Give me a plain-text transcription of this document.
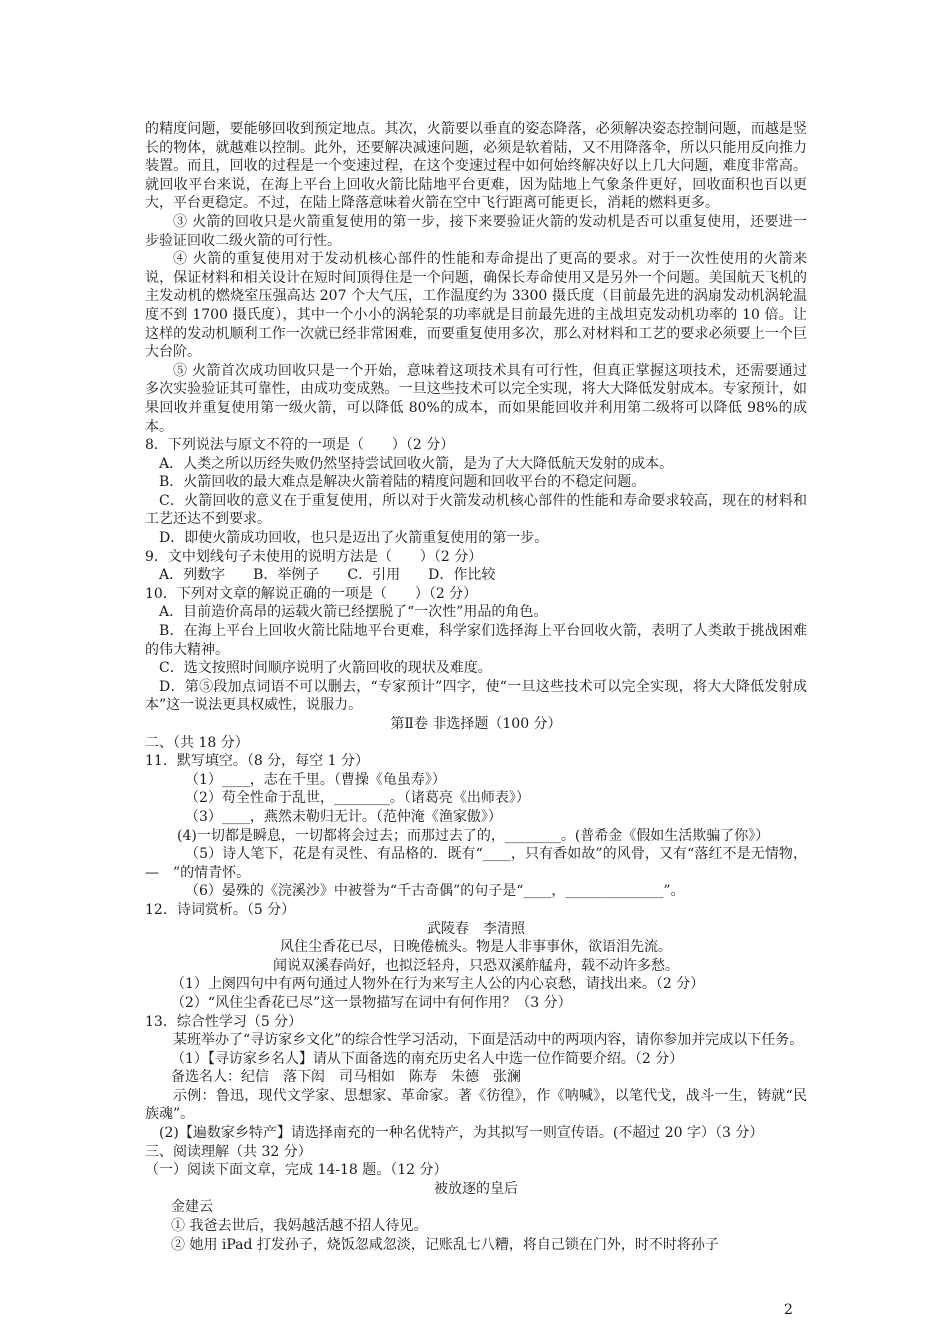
的精度问题，要能够回收到预定地点。其次，火箭要以垂直的姿态降落，必须解决姿态控制问题，而越是竖长的物体，就越难以控制。此外，还要解决减速问题，必须是软着陆，又不用降落伞，所以只能用反向推力装置。而且，回收的过程是一个变速过程，在这个变速过程中如何始终解决好以上几大问题，难度非常高。就回收平台来说，在海上平台上回收火箭比陆地平台更难，因为陆地上气象条件更好，回收面积也百以更大，平台更稳定。不过，在陆上降落意味着火箭在空中飞行距离可能更长，消耗的燃料更多。

③ 火箭的回收只是火箭重复使用的第一步，接下来要验证火箭的发动机是否可以重复使用，还要进一步验证回收二级火箭的可行性。

④ 火箭的重复使用对于发动机核心部件的性能和寿命提出了更高的要求。对于一次性使用的火箭来说，保证材料和相关设计在短时间顶得住是一个问题，确保长寿命使用又是另外一个问题。美国航天飞机的主发动机的燃烧室压强高达 207 个大气压，工作温度约为 3300 摄氏度（目前最先进的涡扇发动机涡轮温度不到 1700 摄氏度），其中一个小小的涡轮泵的功率就是目前最先进的主战坦克发动机功率的 10 倍。让这样的发动机顺利工作一次就已经非常困难，而要重复使用多次，那么对材料和工艺的要求必须要上一个巨大台阶。

⑤ 火箭首次成功回收只是一个开始，意味着这项技术具有可行性，但真正掌握这项技术，还需要通过多次实验验证其可靠性，由成功变成熟。一旦这些技术可以完全实现，将大大降低发射成本。专家预计，如果回收并重复使用第一级火箭，可以降低 80%的成本，而如果能回收并利用第二级将可以降低 98%的成本。

8．下列说法与原文不符的一项是（　　）（2 分）

A．人类之所以历经失败仍然坚持尝试回收火箭，是为了大大降低航天发射的成本。

B．火箭回收的最大难点是解决火箭着陆的精度问题和回收平台的不稳定问题。

C．火箭回收的意义在于重复使用，所以对于火箭发动机核心部件的性能和寿命要求较高，现在的材料和工艺还达不到要求。

D．即使火箭成功回收，也只是迈出了火箭重复使用的第一步。

9．文中划线句子未使用的说明方法是（　　）（2 分）

A．列数字　　B．举例子　　C．引用　　D．作比较

10．下列对文章的解说正确的一项是（　　）（2 分）

A．目前造价高昂的运载火箭已经摆脱了“一次性”用品的角色。

B．在海上平台上回收火箭比陆地平台更难，科学家们选择海上平台回收火箭，表明了人类敢于挑战困难的伟大精神。

C．选文按照时间顺序说明了火箭回收的现状及难度。

D．第⑤段加点词语不可以删去，“专家预计”四字，使“一旦这些技术可以完全实现，将大大降低发射成本”这一说法更具权威性，说服力。

第Ⅱ卷 非选择题（100 分）

二、（共 18 分）

11．默写填空。（8 分，每空 1 分）

（1）____，志在千里。（曹操《龟虽寿》）

（2）苟全性命于乱世，________。（诸葛亮《出师表》）

（3）____，燕然未勒归无计。（范仲淹《渔家傲》）

(4)一切都是瞬息，一切都将会过去；而那过去了的，________。(普希金《假如生活欺骗了你》）

（5）诗人笔下，花是有灵性、有品格的．既有“____，只有香如故”的风骨，又有“落红不是无情物，—　”的情青怀。

（6）晏殊的《浣溪沙》中被誉为“千古奇偶”的句子是“____，______________”。

12．诗词赏析。（5 分）

武陵春　李清照

风住尘香花已尽，日晚倦梳头。物是人非事事休，欲语泪先流。

闻说双溪春尚好，也拟泛轻舟，只恐双溪舴艋舟，载不动许多愁。

（1）上阕四句中有两句通过人物外在行为来写主人公的内心哀愁，请找出来。（2 分）

（2）“风住尘香花已尽”这一景物描写在词中有何作用？（3 分）

13．综合性学习（5 分）

某班举办了“寻访家乡文化”的综合性学习活动，下面是活动中的两项内容，请你参加并完成以下任务。

（1）【寻访家乡名人】请从下面备选的南充历史名人中选一位作简要介绍。（2 分）

备选名人：纪信　落下闳　司马相如　陈寿　朱德　张澜

示例：鲁迅，现代文学家、思想家、革命家。著《彷徨》，作《呐喊》，以笔代戈，战斗一生，铸就“民族魂”。

(2)【遍数家乡特产】请选择南充的一种名优特产，为其拟写一则宣传语。(不超过 20 字）（3 分）

三、阅读理解（共 32 分）

（一）阅读下面文章，完成 14-18 题。（12 分）

被放逐的皇后

金建云

① 我爸去世后，我妈越活越不招人待见。

② 她用 iPad 打发孙子，烧饭忽咸忽淡，记账乱七八糟，将自己锁在门外，时不时将孙子

2
